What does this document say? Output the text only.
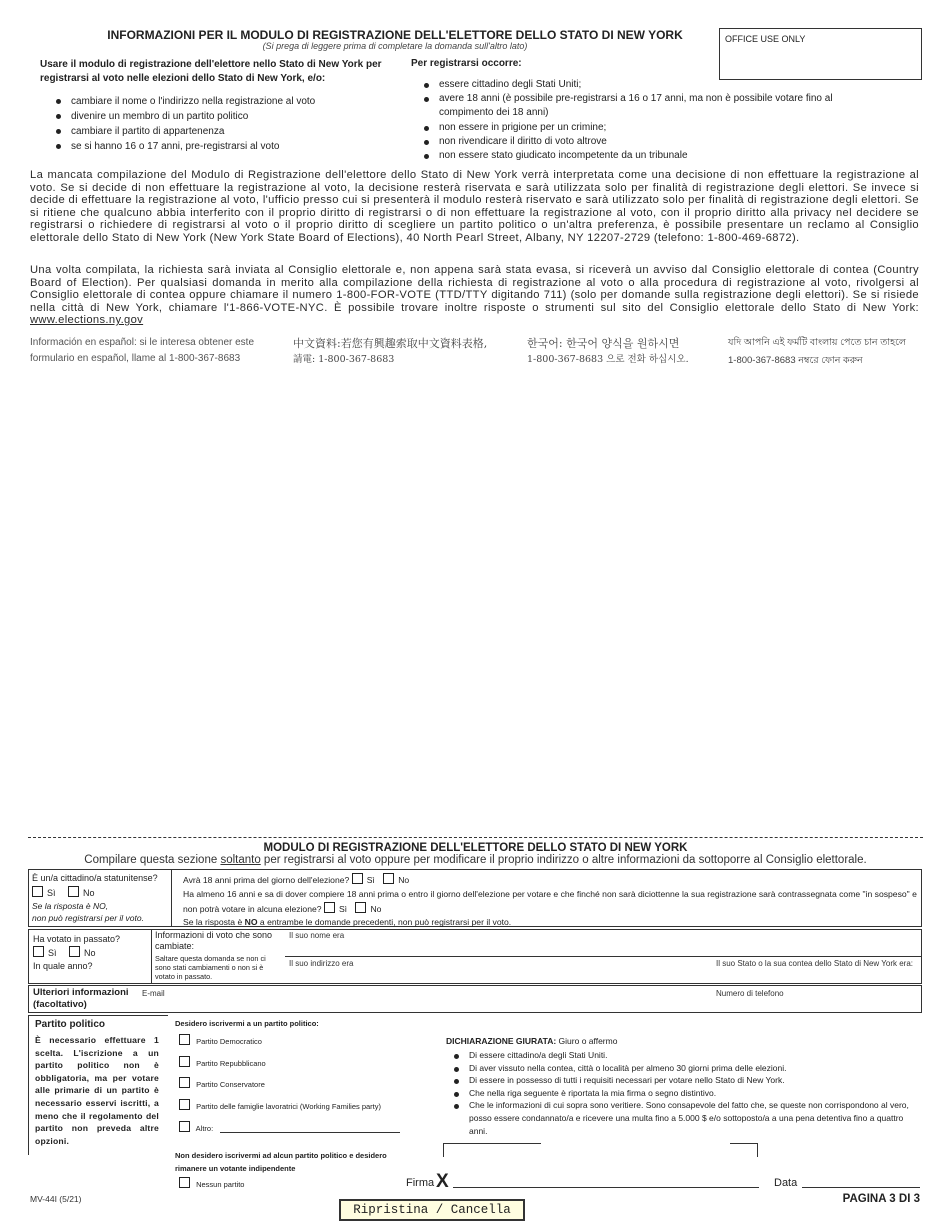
INFORMAZIONI PER IL MODULO DI REGISTRAZIONE DELL'ELETTORE DELLO STATO DI NEW YORK
(Si prega di leggere prima di completare la domanda sull'altro lato)
OFFICE USE ONLY
Usare il modulo di registrazione dell'elettore nello Stato di New York per registrarsi al voto nelle elezioni dello Stato di New York, e/o:
cambiare il nome o l'indirizzo nella registrazione al voto
divenire un membro di un partito politico
cambiare il partito di appartenenza
se si hanno 16 o 17 anni, pre-registrarsi al voto
Per registrarsi occorre:
essere cittadino degli Stati Uniti;
avere 18 anni (è possibile pre-registrarsi a 16 o 17 anni, ma non è possibile votare fino al compimento dei 18 anni)
non essere in prigione per un crimine;
non rivendicare il diritto di voto altrove
non essere stato giudicato incompetente da un tribunale
La mancata compilazione del Modulo di Registrazione dell'elettore dello Stato di New York verrà interpretata come una decisione di non effettuare la registrazione al voto. Se si decide di non effettuare la registrazione al voto, la decisione resterà riservata e sarà utilizzata solo per finalità di registrazione degli elettori. Se invece si decide di effettuare la registrazione al voto, l'ufficio presso cui si presenterà il modulo resterà riservato e sarà utilizzato solo per finalità di registrazione degli elettori. Se si ritiene che qualcuno abbia interferito con il proprio diritto di registrarsi o di non effettuare la registrazione al voto, con il proprio diritto alla privacy nel decidere se registrarsi o richiedere di registrarsi al voto o il proprio diritto di scegliere un partito politico o un'altra preferenza, è possibile presentare un reclamo al Consiglio elettorale dello Stato di New York (New York State Board of Elections), 40 North Pearl Street, Albany, NY 12207-2729 (telefono: 1-800-469-6872).
Una volta compilata, la richiesta sarà inviata al Consiglio elettorale e, non appena sarà stata evasa, si riceverà un avviso dal Consiglio elettorale di contea (Country Board of Election). Per qualsiasi domanda in merito alla compilazione della richiesta di registrazione al voto o alla procedura di registrazione al voto, rivolgersi al Consiglio elettorale di contea oppure chiamare il numero 1-800-FOR-VOTE (TTD/TTY digitando 711) (solo per domande sulla registrazione degli elettori). Se si risiede nella città di New York, chiamare l'1-866-VOTE-NYC. È possibile trovare inoltre risposte o strumenti sul sito del Consiglio elettorale dello Stato di New York: www.elections.ny.gov
Información en español: si le interesa obtener este
formulario en español, llame al 1-800-367-8683
中文資料:若您有興趣索取中文資料表格,
請電: 1-800-367-8683
한국어: 한국어 양식을 원하시면
1-800-367-8683 으로 전화 하십시오.
যদি আপনি এই ফর্মটি বাংলায় পেতে চান তাহলে
1-800-367-8683 নম্বরে ফোন করুন
MODULO DI REGISTRAZIONE DELL'ELETTORE DELLO STATO DI NEW YORK
Compilare questa sezione soltanto per registrarsi al voto oppure per modificare il proprio indirizzo o altre informazioni da sottoporre al Consiglio elettorale.
È un/a cittadino/a statunitense?
Sì	No
Se la risposta è NO,
non può registrarsi per il voto.
Avrà 18 anni prima del giorno dell'elezione? Sì	No
Ha almeno 16 anni e sa di dover compiere 18 anni prima o entro il giorno dell'elezione per votare e che finché non sarà diciottenne la sua registrazione sarà contrassegnata come "in sospeso" e non potrà votare in alcuna elezione? Sì	No
Se la risposta è NO a entrambe le domande precedenti, non può registrarsi per il voto.
Ha votato in passato?
Sì	No
In quale anno?
Informazioni di voto che sono cambiate:
Saltare questa domanda se non ci sono stati cambiamenti o non si è votato in passato.
Il suo nome era
Il suo indirizzo era	Il suo Stato o la sua contea dello Stato di New York era:
Ulteriori informazioni (facoltativo)
E-mail	Numero di telefono
Partito politico
È necessario effettuare 1 scelta. L'iscrizione a un partito politico non è obbligatoria, ma per votare alle primarie di un partito è necessario esservi iscritti, a meno che il regolamento del partito non preveda altre opzioni.
Desidero iscrivermi a un partito politico:
Partito Democratico
Partito Repubblicano
Partito Conservatore
Partito delle famiglie lavoratrici (Working Families party)
Altro:
Non desidero iscrivermi ad alcun partito politico e desidero rimanere un votante indipendente
Nessun partito
DICHIARAZIONE GIURATA: Giuro o affermo
Di essere cittadino/a degli Stati Uniti.
Di aver vissuto nella contea, città o località per almeno 30 giorni prima delle elezioni.
Di essere in possesso di tutti i requisiti necessari per votare nello Stato di New York.
Che nella riga seguente è riportata la mia firma o segno distintivo.
Che le informazioni di cui sopra sono veritiere. Sono consapevole del fatto che, se queste non corrispondono al vero, posso essere condannato/a e ricevere una multa fino a 5.000 $ e/o sottoposto/a a una pena detentiva fino a quattro anni.
Firma X	Data
MV-44I (5/21)	PAGINA 3 DI 3
Ripristina / Cancella
